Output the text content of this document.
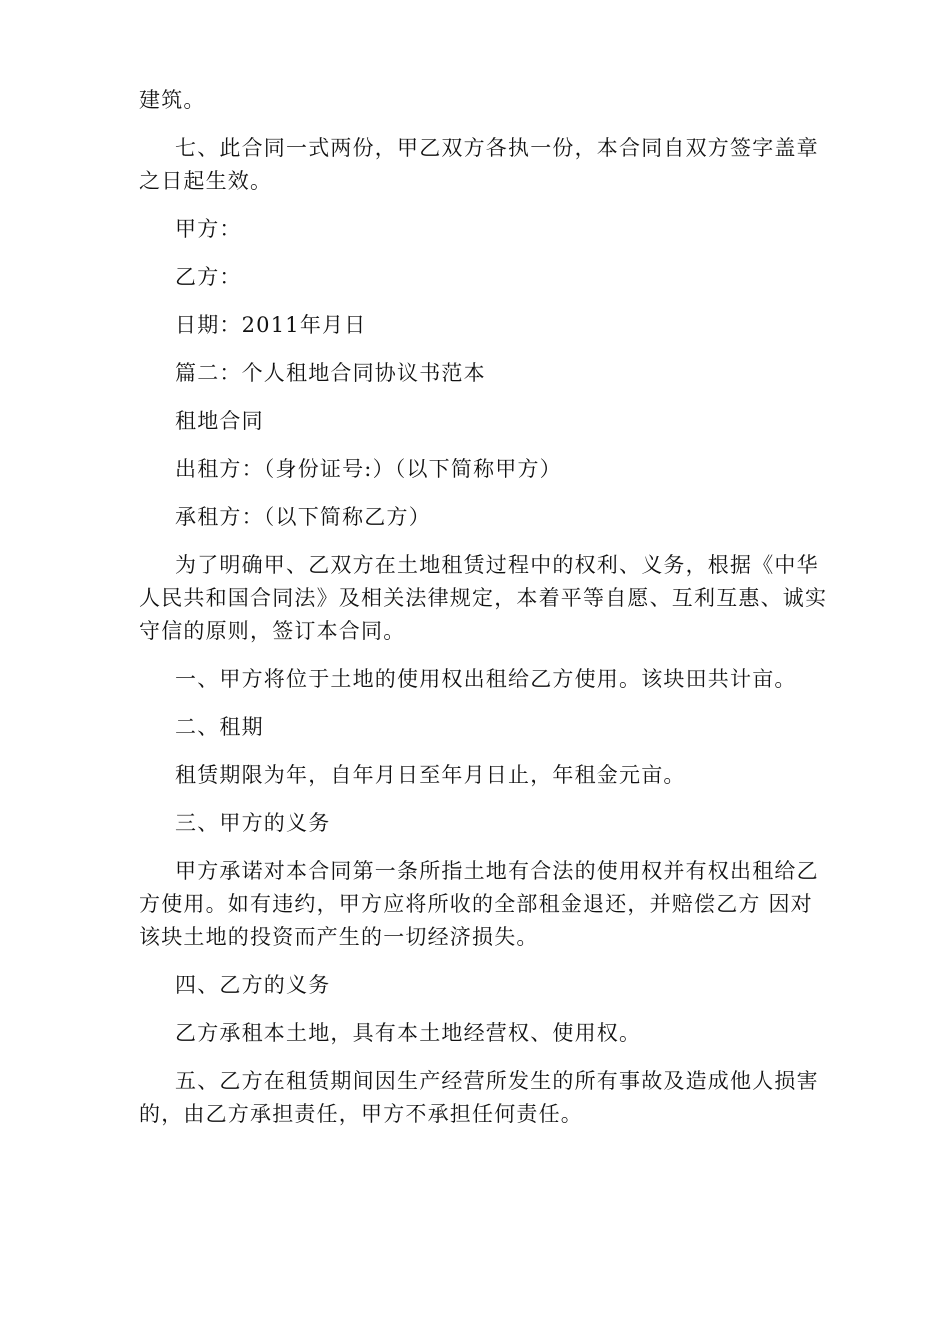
建筑。

七、此合同一式两份，甲乙双方各执一份，本合同自双方签字盖章之日起生效。

甲方：

乙方：

日期：2011年月日

篇二：个人租地合同协议书范本

租地合同

出租方：（身份证号:）（以下简称甲方）

承租方：（以下简称乙方）

为了明确甲、乙双方在土地租赁过程中的权利、义务，根据《中华人民共和国合同法》及相关法律规定，本着平等自愿、互利互惠、诚实守信的原则，签订本合同。

一、甲方将位于土地的使用权出租给乙方使用。该块田共计亩。

二、租期

租赁期限为年，自年月日至年月日止，年租金元亩。

三、甲方的义务

甲方承诺对本合同第一条所指土地有合法的使用权并有权出租给乙方使用。如有违约，甲方应将所收的全部租金退还，并赔偿乙方 因对该块土地的投资而产生的一切经济损失。

四、乙方的义务

乙方承租本土地，具有本土地经营权、使用权。

五、乙方在租赁期间因生产经营所发生的所有事故及造成他人损害的，由乙方承担责任，甲方不承担任何责任。
